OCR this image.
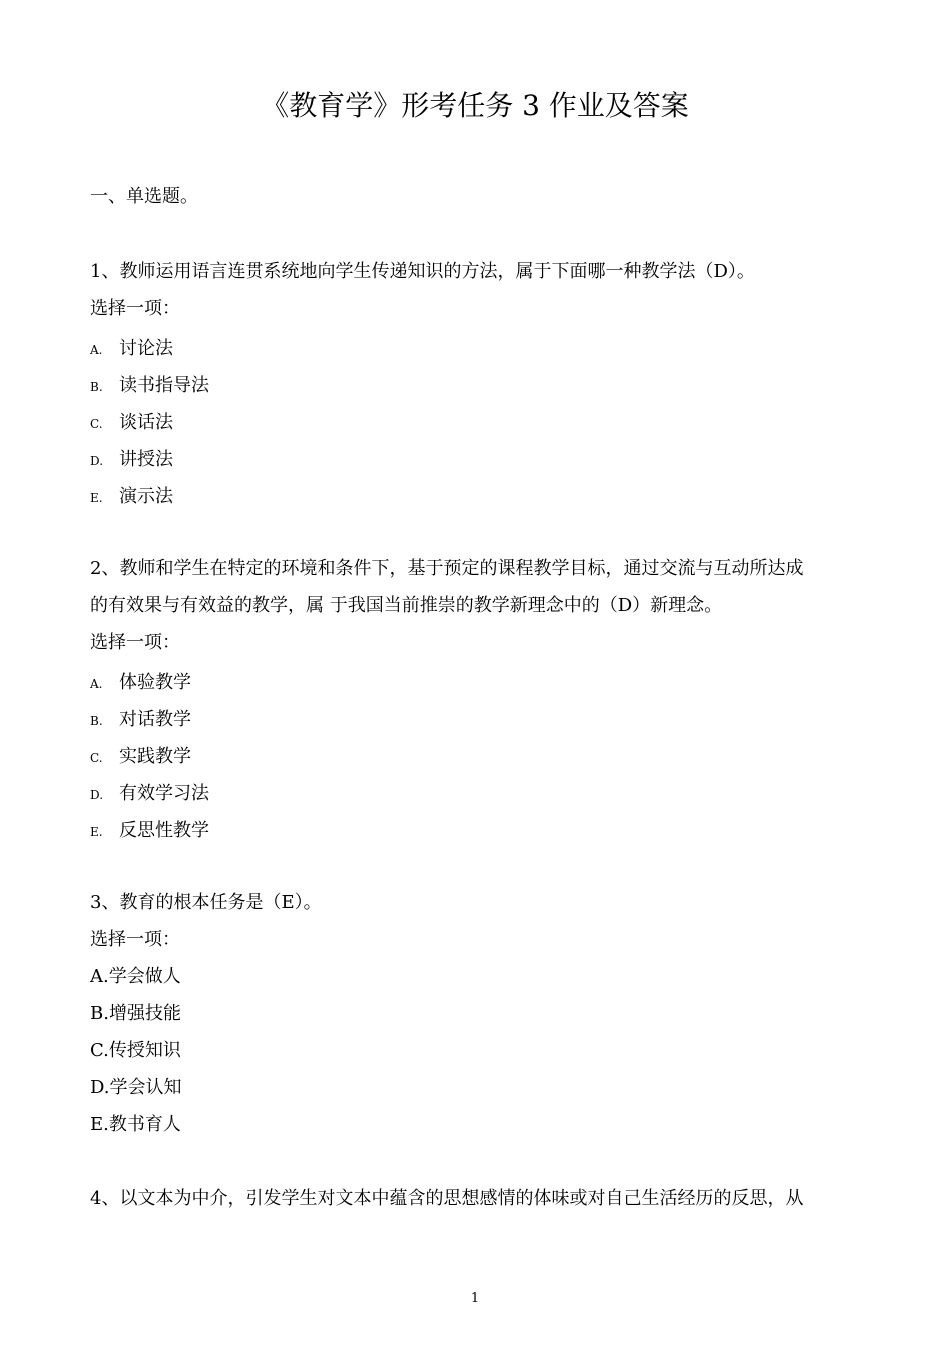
《教育学》形考任务 3 作业及答案
一、单选题。
1、教师运用语言连贯系统地向学生传递知识的方法，属于下面哪一种教学法（D）。
选择一项：
A. 讨论法
B. 读书指导法
C. 谈话法
D. 讲授法
E. 演示法
2、教师和学生在特定的环境和条件下，基于预定的课程教学目标，通过交流与互动所达成
的有效果与有效益的教学，属 于我国当前推崇的教学新理念中的（D）新理念。
选择一项：
A. 体验教学
B. 对话教学
C. 实践教学
D. 有效学习法
E. 反思性教学
3、教育的根本任务是（E）。
选择一项：
A.学会做人
B.增强技能
C.传授知识
D.学会认知
E.教书育人
4、以文本为中介，引发学生对文本中蕴含的思想感情的体味或对自己生活经历的反思，从
1
